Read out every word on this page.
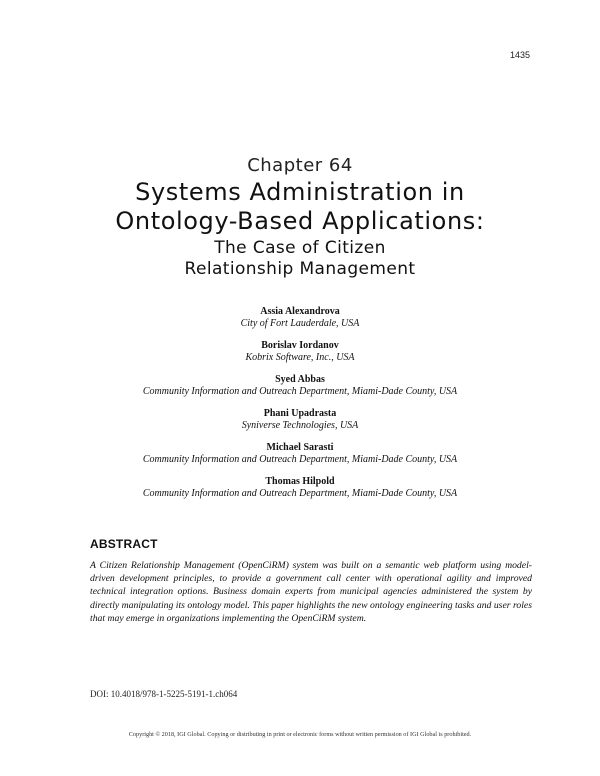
1435
Chapter 64
Systems Administration in
Ontology-Based Applications:
The Case of Citizen
Relationship Management
Assia Alexandrova
City of Fort Lauderdale, USA
Borislav Iordanov
Kobrix Software, Inc., USA
Syed Abbas
Community Information and Outreach Department, Miami-Dade County, USA
Phani Upadrasta
Syniverse Technologies, USA
Michael Sarasti
Community Information and Outreach Department, Miami-Dade County, USA
Thomas Hilpold
Community Information and Outreach Department, Miami-Dade County, USA
ABSTRACT
A Citizen Relationship Management (OpenCiRM) system was built on a semantic web platform using model-driven development principles, to provide a government call center with operational agility and improved technical integration options. Business domain experts from municipal agencies administered the system by directly manipulating its ontology model. This paper highlights the new ontology engineering tasks and user roles that may emerge in organizations implementing the OpenCiRM system.
DOI: 10.4018/978-1-5225-5191-1.ch064
Copyright © 2018, IGI Global. Copying or distributing in print or electronic forms without written permission of IGI Global is prohibited.
